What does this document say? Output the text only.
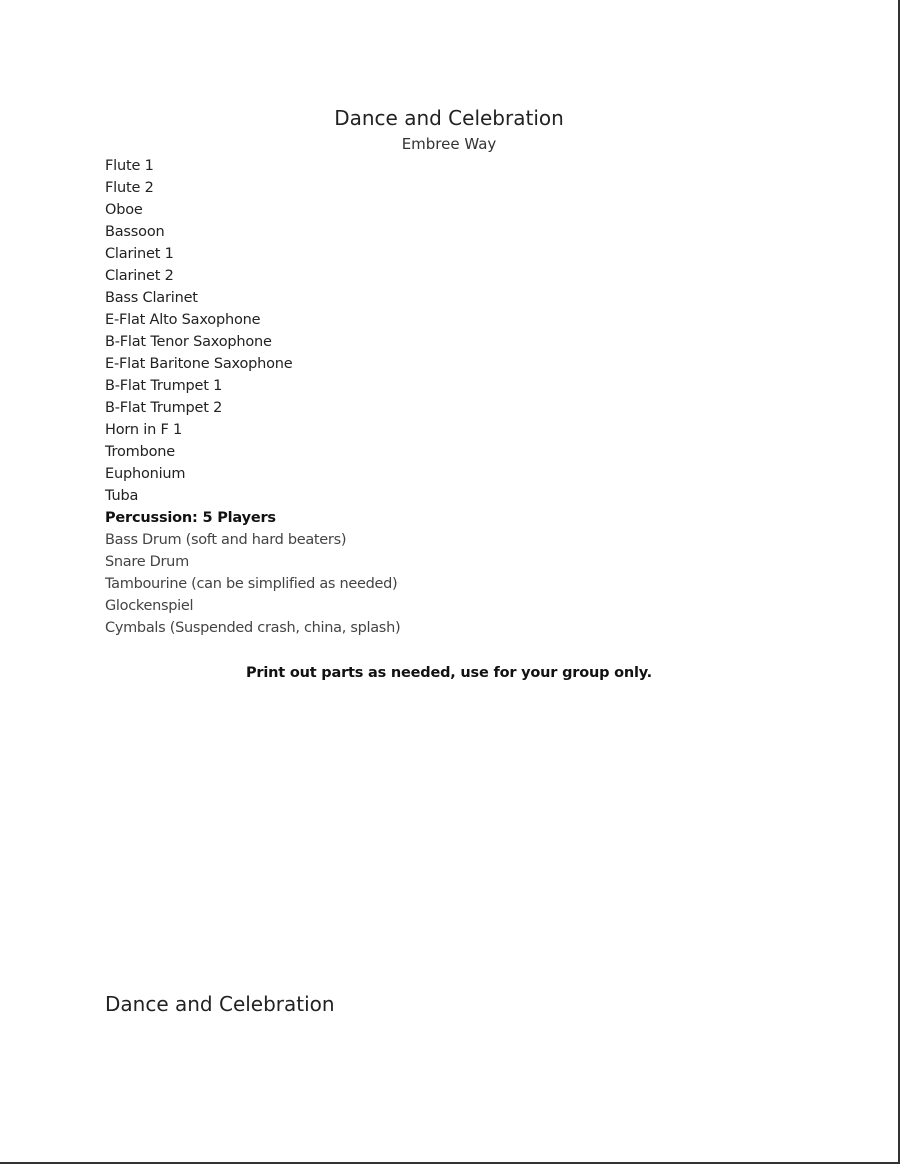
Dance and Celebration
Embree Way
Flute 1
Flute 2
Oboe
Bassoon
Clarinet 1
Clarinet 2
Bass Clarinet
E-Flat Alto Saxophone
B-Flat Tenor Saxophone
E-Flat Baritone Saxophone
B-Flat Trumpet 1
B-Flat Trumpet 2
Horn in F 1
Trombone
Euphonium
Tuba
Percussion: 5 Players
Bass Drum (soft and hard beaters)
Snare Drum
Tambourine (can be simplified as needed)
Glockenspiel
Cymbals (Suspended crash, china, splash)
Print out parts as needed, use for your group only.
Dance and Celebration
